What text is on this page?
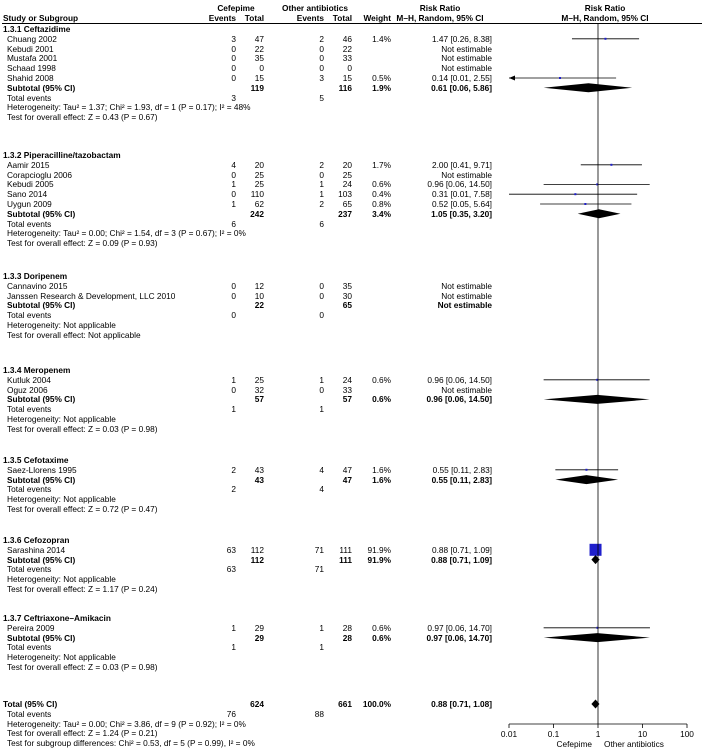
Cefepime	Other antibiotics	Risk Ratio	Risk Ratio
Study or Subgroup	Events	Total	Events	Total	Weight M–H, Random, 95% CI	M–H, Random, 95% CI
1.3.1 Ceftazidime
Chuang 2002	3	47	2	46	1.4%	1.47 [0.26, 8.38]
Kebudi 2001	0	22	0	22	Not estimable
Mustafa 2001	0	35	0	33	Not estimable
Schaad 1998	0	0	0	0	Not estimable
Shahid 2008	0	15	3	15	0.5%	0.14 [0.01, 2.55]
Subtotal (95% CI)	119	116	1.9%	0.61 [0.06, 5.86]
Total events	3	5
Heterogeneity: Tau² = 1.37; Chi² = 1.93, df = 1 (P = 0.17); I² = 48%
Test for overall effect: Z = 0.43 (P = 0.67)
1.3.2 Piperacilline/tazobactam
Aamir 2015	4	20	2	20	1.7%	2.00 [0.41, 9.71]
Corapcioglu 2006	0	25	0	25	Not estimable
Kebudi 2005	1	25	1	24	0.6%	0.96 [0.06, 14.50]
Sano 2014	0	110	1	103	0.4%	0.31 [0.01, 7.58]
Uygun 2009	1	62	2	65	0.8%	0.52 [0.05, 5.64]
Subtotal (95% CI)	242	237	3.4%	1.05 [0.35, 3.20]
Total events	6	6
Heterogeneity: Tau² = 0.00; Chi² = 1.54, df = 3 (P = 0.67); I² = 0%
Test for overall effect: Z = 0.09 (P = 0.93)
1.3.3 Doripenem
Cannavino 2015	0	12	0	35	Not estimable
Janssen Research & Development, LLC 2010	0	10	0	30	Not estimable
Subtotal (95% CI)	22	65	Not estimable
Total events	0	0
Heterogeneity: Not applicable
Test for overall effect: Not applicable
1.3.4 Meropenem
Kutluk 2004	1	25	1	24	0.6%	0.96 [0.06, 14.50]
Oguz 2006	0	32	0	33	Not estimable
Subtotal (95% CI)	57	57	0.6%	0.96 [0.06, 14.50]
Total events	1	1
Heterogeneity: Not applicable
Test for overall effect: Z = 0.03 (P = 0.98)
1.3.5 Cefotaxime
Saez-Llorens 1995	2	43	4	47	1.6%	0.55 [0.11, 2.83]
Subtotal (95% CI)	43	47	1.6%	0.55 [0.11, 2.83]
Total events	2	4
Heterogeneity: Not applicable
Test for overall effect: Z = 0.72 (P = 0.47)
1.3.6 Cefozopran
Sarashina 2014	63	112	71	111	91.9%	0.88 [0.71, 1.09]
Subtotal (95% CI)	112	111	91.9%	0.88 [0.71, 1.09]
Total events	63	71
Heterogeneity: Not applicable
Test for overall effect: Z = 1.17 (P = 0.24)
1.3.7 Ceftriaxone–Amikacin
Pereira 2009	1	29	1	28	0.6%	0.97 [0.06, 14.70]
Subtotal (95% CI)	29	28	0.6%	0.97 [0.06, 14.70]
Total events	1	1
Heterogeneity: Not applicable
Test for overall effect: Z = 0.03 (P = 0.98)
Total (95% CI)	624	661	100.0%	0.88 [0.71, 1.08]
Total events	76	88
Heterogeneity: Tau² = 0.00; Chi² = 3.86, df = 9 (P = 0.92); I² = 0%
Test for overall effect: Z = 1.24 (P = 0.21)
Test for subgroup differences: Chi² = 0.53, df = 5 (P = 0.99), I² = 0%
0.01	0.1	1	10	100
Cefepime Other antibiotics
